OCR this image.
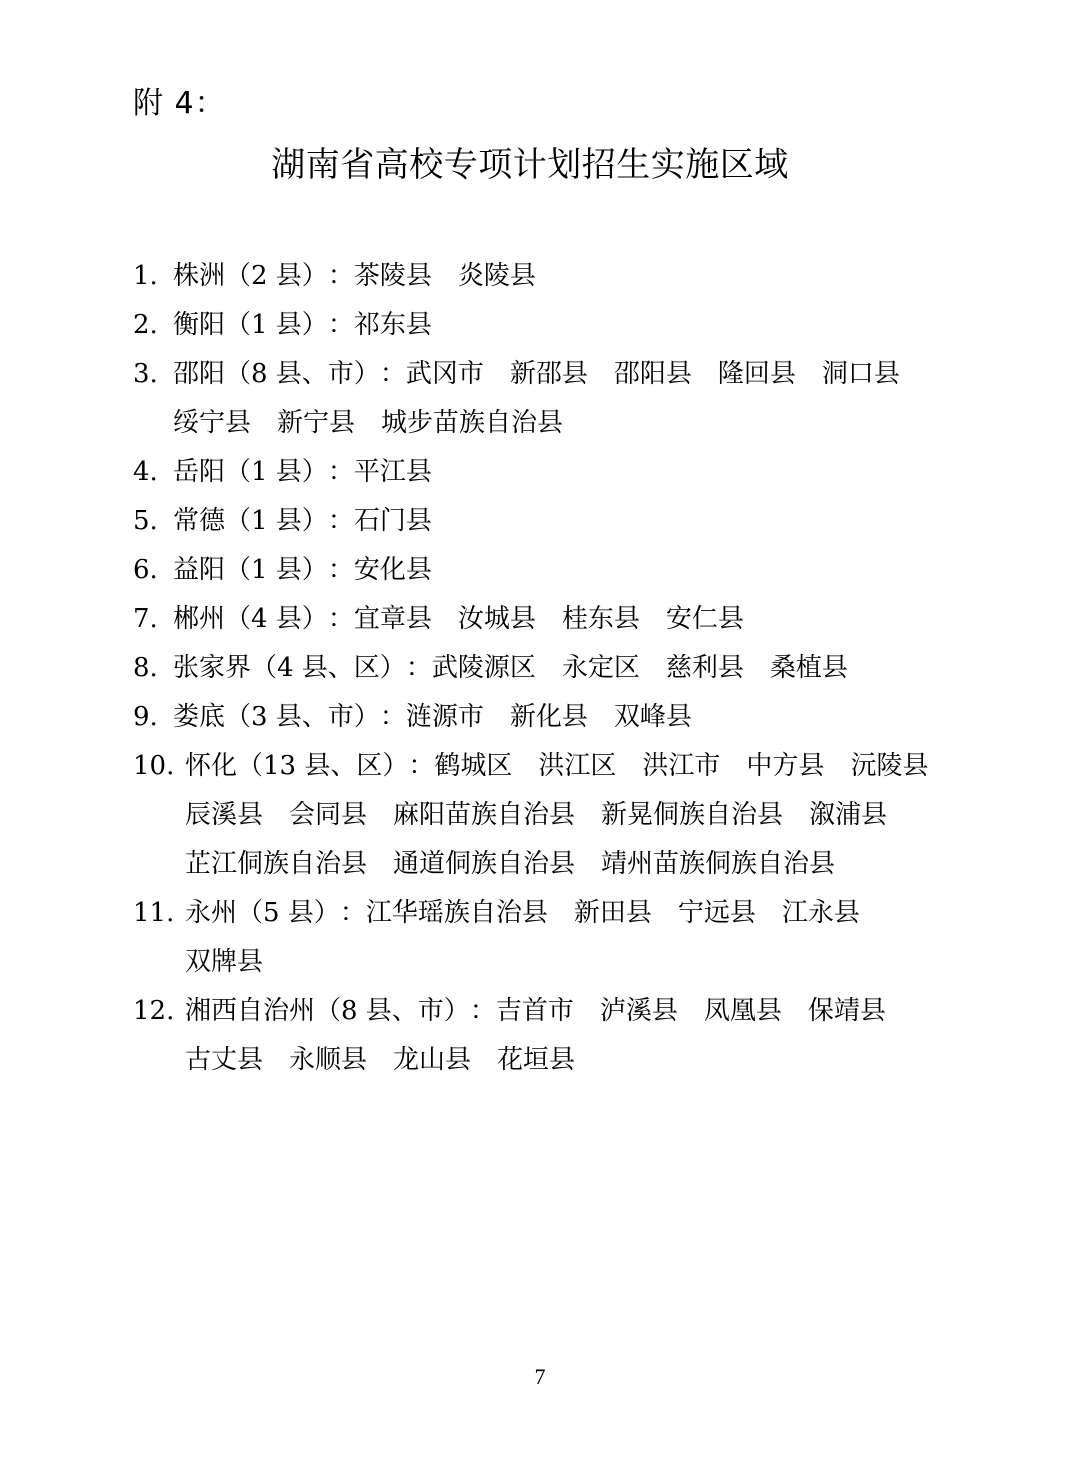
附 4：
湖南省高校专项计划招生实施区域
1. 株洲（2 县） ： 茶陵县 炎陵县
2. 衡阳（1 县） ： 祁东县
3. 邵阳（8 县、市） ： 武冈市 新邵县 邵阳县 隆回县 洞口县
绥宁县 新宁县 城步苗族自治县
4. 岳阳（1 县） ： 平江县
5. 常德（1 县） ： 石门县
6. 益阳（1 县） ： 安化县
7. 郴州（4 县） ： 宜章县 汝城县 桂东县 安仁县
8. 张家界（4 县、区） ： 武陵源区 永定区 慈利县 桑植县
9. 娄底（3 县、市） ： 涟源市 新化县 双峰县
10. 怀化（13 县、区） ： 鹤城区 洪江区 洪江市 中方县 沅陵县
辰溪县 会同县 麻阳苗族自治县 新晃侗族自治县 溆浦县
芷江侗族自治县 通道侗族自治县 靖州苗族侗族自治县
11. 永州（5 县） ： 江华瑶族自治县 新田县 宁远县 江永县
双牌县
12. 湘西自治州（8 县、市） ： 吉首市 泸溪县 凤凰县 保靖县
古丈县 永顺县 龙山县 花垣县
7
